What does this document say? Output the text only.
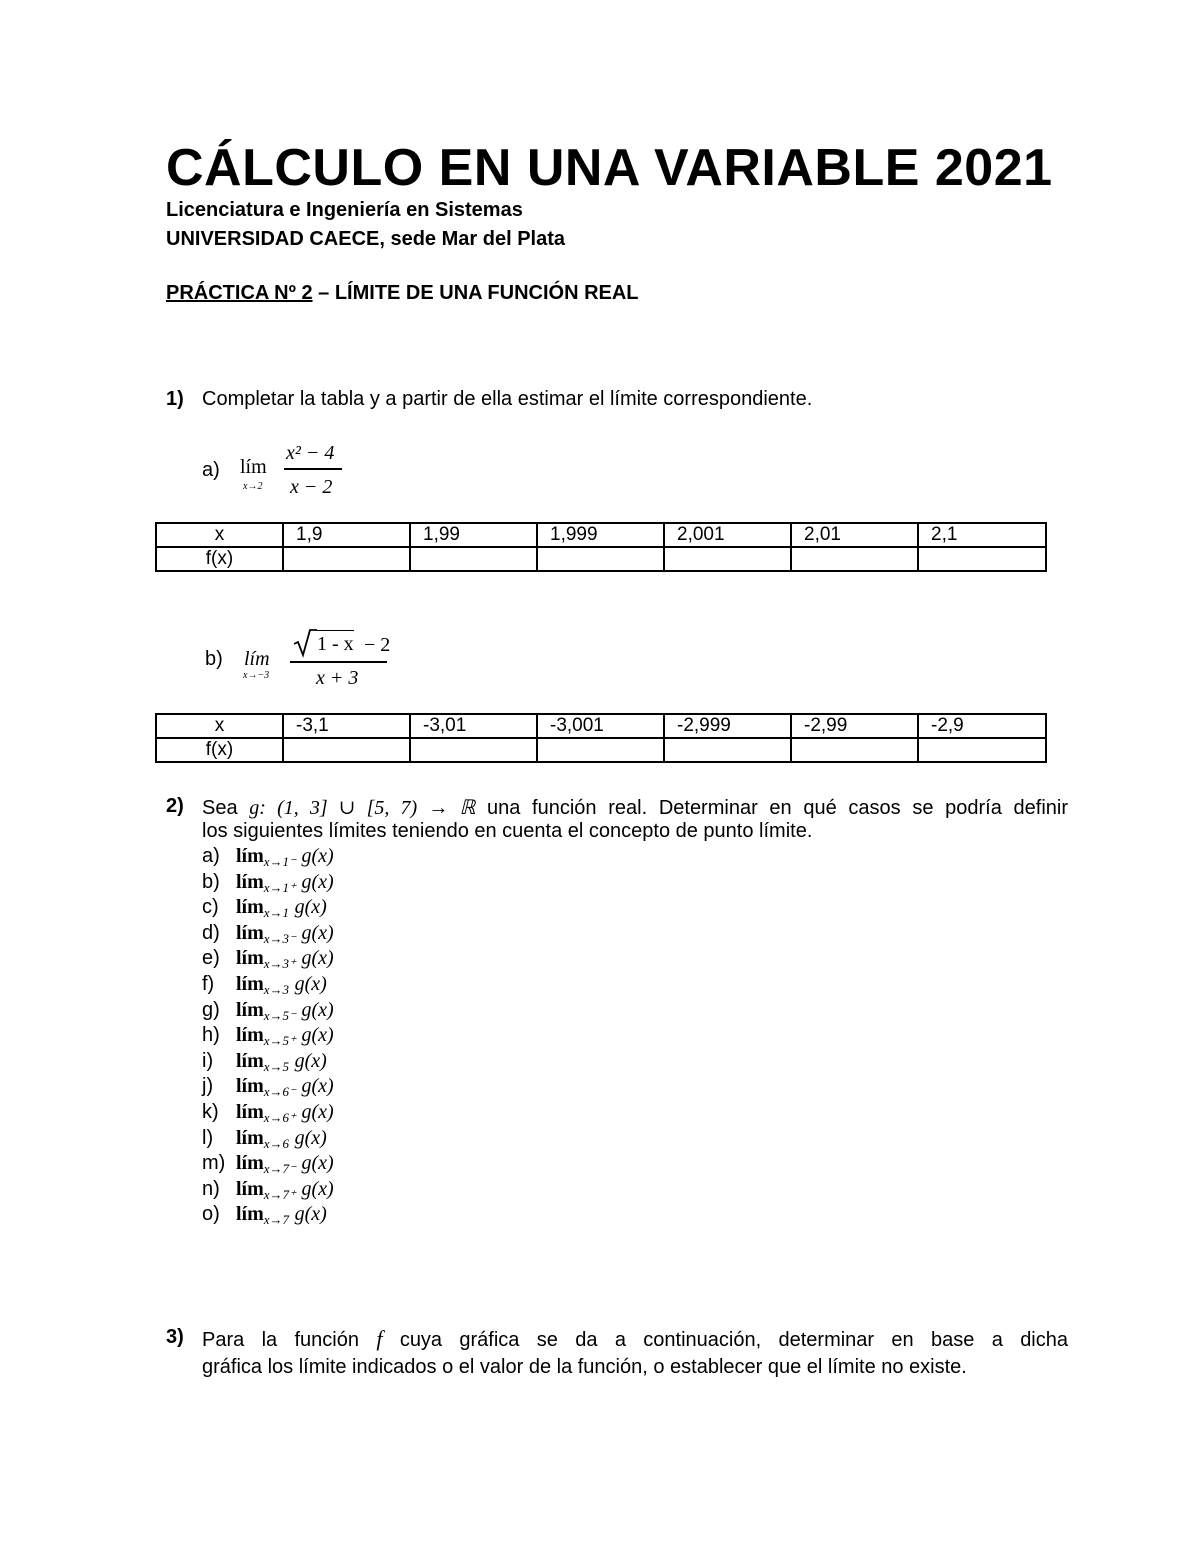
CÁLCULO EN UNA VARIABLE 2021
Licenciatura e Ingeniería en Sistemas
UNIVERSIDAD CAECE, sede Mar del Plata
PRÁCTICA Nº 2 – LÍMITE DE UNA FUNCIÓN REAL
1) Completar la tabla y a partir de ella estimar el límite correspondiente.
a) lím
x→2
x² − 4
x − 2
x	1,9	1,99	1,999	2,001	2,01	2,1
f(x)						
b) lím
x→−3
1 - x − 2
x + 3
x	-3,1	-3,01	-3,001	-2,999	-2,99	-2,9
f(x)						
2) Sea g: (1, 3] ∪ [5, 7) → ℝ una función real. Determinar en qué casos se podría definir
los siguientes límites teniendo en cuenta el concepto de punto límite.
a) lím$_{x\to 1^-}$ g(x)
b) lím$_{x\to 1^+}$ g(x)
c) lím$_{x\to 1}$ g(x)
d) lím$_{x\to 3^-}$ g(x)
e) lím$_{x\to 3^+}$ g(x)
f) lím$_{x\to 3}$ g(x)
g) lím$_{x\to 5^-}$ g(x)
h) lím$_{x\to 5^+}$ g(x)
i) lím$_{x\to 5}$ g(x)
j) lím$_{x\to 6^-}$ g(x)
k) lím$_{x\to 6^+}$ g(x)
l) lím$_{x\to 6}$ g(x)
m) lím$_{x\to 7^-}$ g(x)
n) lím$_{x\to 7^+}$ g(x)
o) lím$_{x\to 7}$ g(x)
3) Para la función f cuya gráfica se da a continuación, determinar en base a dicha
gráfica los límite indicados o el valor de la función, o establecer que el límite no existe.
